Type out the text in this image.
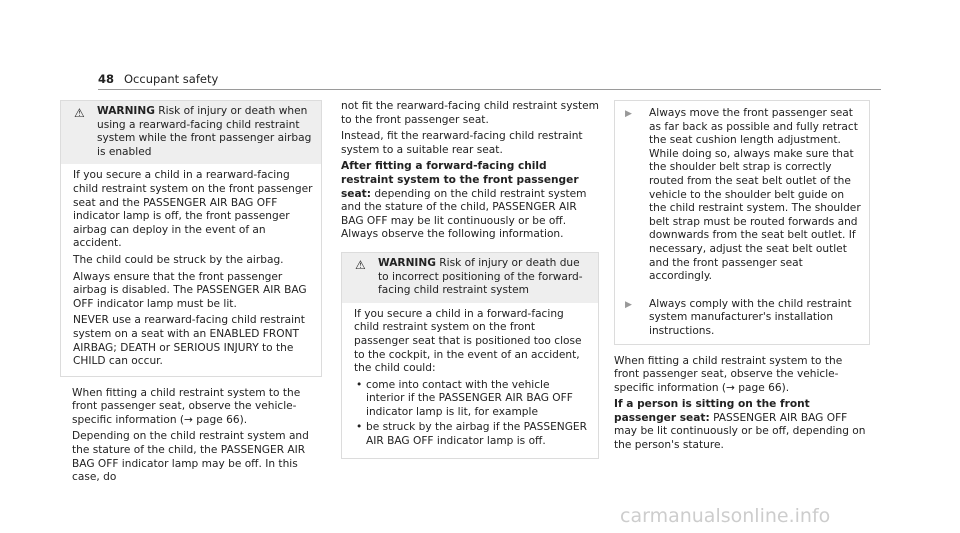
48 Occupant safety
⚠ WARNING Risk of injury or death when using a rearward-facing child restraint system while the front passenger airbag is enabled

If you secure a child in a rearward-facing child restraint system on the front passenger seat and the PASSENGER AIR BAG OFF indicator lamp is off, the front passenger airbag can deploy in the event of an accident.

The child could be struck by the airbag.

Always ensure that the front passenger airbag is disabled. The PASSENGER AIR BAG OFF indicator lamp must be lit.

NEVER use a rearward-facing child restraint system on a seat with an ENABLED FRONT AIRBAG; DEATH or SERIOUS INJURY to the CHILD can occur.

When fitting a child restraint system to the front passenger seat, observe the vehicle-specific information (→ page 66).

Depending on the child restraint system and the stature of the child, the PASSENGER AIR BAG OFF indicator lamp may be off. In this case, do

not fit the rearward-facing child restraint system to the front passenger seat.

Instead, fit the rearward-facing child restraint system to a suitable rear seat.

After fitting a forward-facing child restraint system to the front passenger seat: depending on the child restraint system and the stature of the child, PASSENGER AIR BAG OFF may be lit continuously or be off. Always observe the following information.

⚠ WARNING Risk of injury or death due to incorrect positioning of the forward-facing child restraint system

If you secure a child in a forward-facing child restraint system on the front passenger seat that is positioned too close to the cockpit, in the event of an accident, the child could:

• come into contact with the vehicle interior if the PASSENGER AIR BAG OFF indicator lamp is lit, for example
• be struck by the airbag if the PASSENGER AIR BAG OFF indicator lamp is off.
▶ Always move the front passenger seat as far back as possible and fully retract the seat cushion length adjustment. While doing so, always make sure that the shoulder belt strap is correctly routed from the seat belt outlet of the vehicle to the shoulder belt guide on the child restraint system. The shoulder belt strap must be routed forwards and downwards from the seat belt outlet. If necessary, adjust the seat belt outlet and the front passenger seat accordingly.
▶ Always comply with the child restraint system manufacturer's installation instructions.

When fitting a child restraint system to the front passenger seat, observe the vehicle-specific information (→ page 66).

If a person is sitting on the front passenger seat: PASSENGER AIR BAG OFF may be lit continuously or be off, depending on the person's stature.

carmanualsonline.info
